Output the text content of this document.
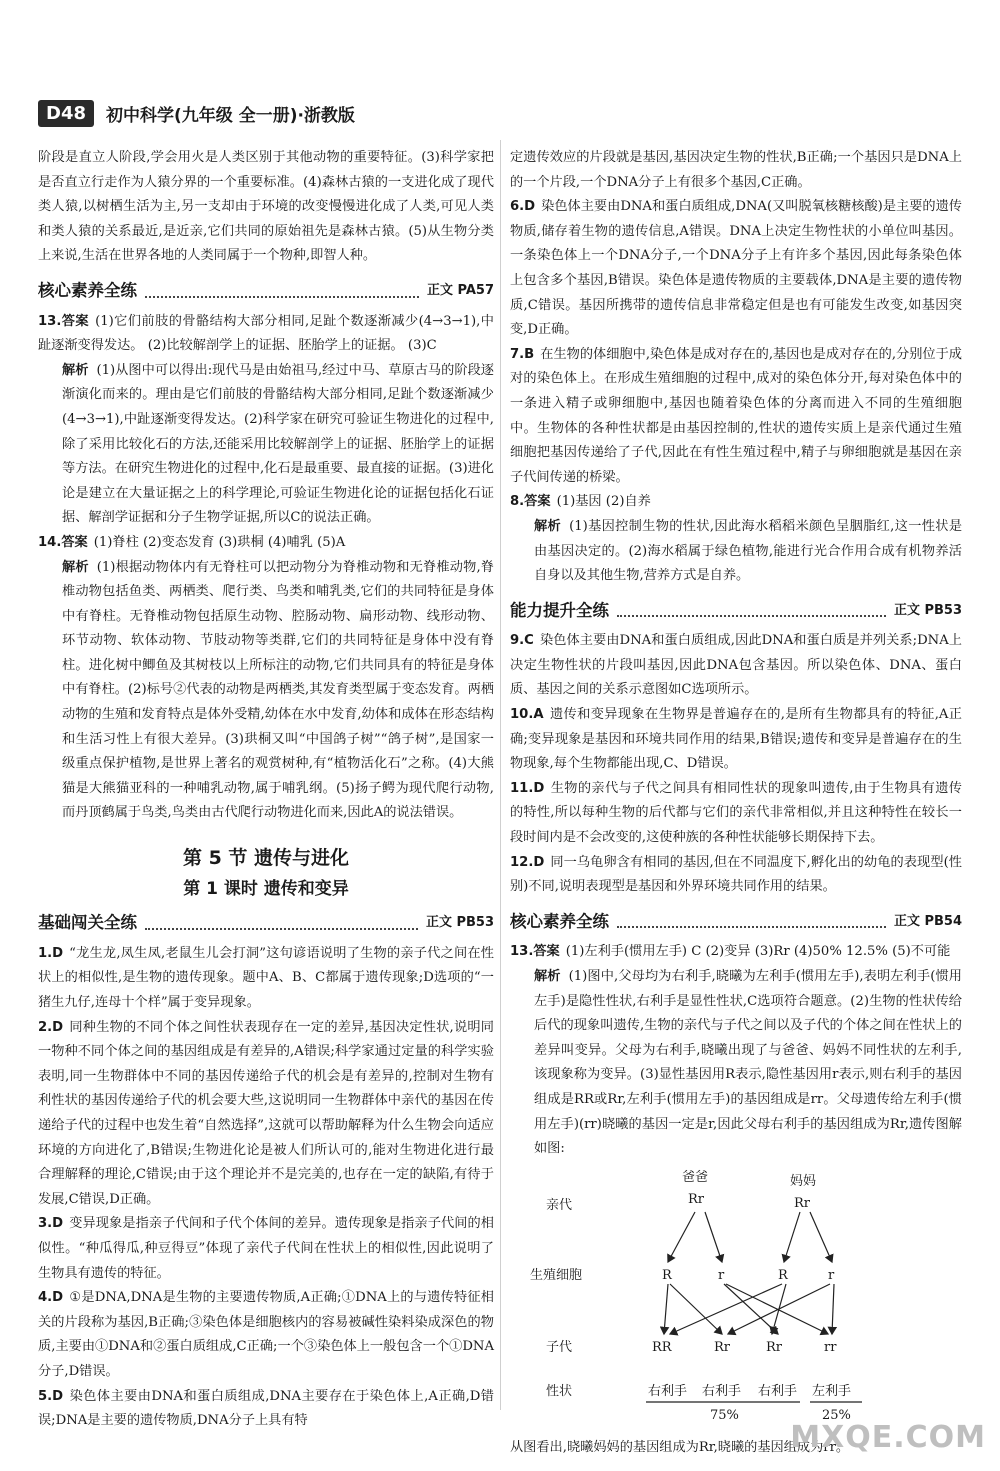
D48	初中科学(九年级 全一册)·浙教版

阶段是直立人阶段,学会用火是人类区别于其他动物的重要特征。(3)科学家把是否直立行走作为人猿分界的一个重要标准。(4)森林古猿的一支进化成了现代类人猿,以树栖生活为主,另一支却由于环境的改变慢慢进化成了人类,可见人类和类人猿的关系最近,是近亲,它们共同的原始祖先是森林古猿。(5)从生物分类上来说,生活在世界各地的人类同属于一个物种,即智人种。

核心素养全练	正文 PA57
13.答案 (1)它们前肢的骨骼结构大部分相同,足趾个数逐渐减少(4→3→1),中趾逐渐变得发达。 (2)比较解剖学上的证据、胚胎学上的证据。 (3)C
解析 (1)从图中可以得出:现代马是由始祖马,经过中马、草原古马的阶段逐渐演化而来的。理由是它们前肢的骨骼结构大部分相同,足趾个数逐渐减少(4→3→1),中趾逐渐变得发达。(2)科学家在研究可验证生物进化的过程中,除了采用比较化石的方法,还能采用比较解剖学上的证据、胚胎学上的证据等方法。在研究生物进化的过程中,化石是最重要、最直接的证据。(3)进化论是建立在大量证据之上的科学理论,可验证生物进化论的证据包括化石证据、解剖学证据和分子生物学证据,所以C的说法正确。
14.答案 (1)脊柱 (2)变态发育 (3)珙桐 (4)哺乳 (5)A
解析 (1)根据动物体内有无脊柱可以把动物分为脊椎动物和无脊椎动物,脊椎动物包括鱼类、两栖类、爬行类、鸟类和哺乳类,它们的共同特征是身体中有脊柱。无脊椎动物包括原生动物、腔肠动物、扁形动物、线形动物、环节动物、软体动物、节肢动物等类群,它们的共同特征是身体中没有脊柱。进化树中鲫鱼及其树枝以上所标注的动物,它们共同具有的特征是身体中有脊柱。(2)标号②代表的动物是两栖类,其发育类型属于变态发育。两栖动物的生殖和发育特点是体外受精,幼体在水中发育,幼体和成体在形态结构和生活习性上有很大差异。(3)珙桐又叫“中国鸽子树”“鸽子树”,是国家一级重点保护植物,是世界上著名的观赏树种,有“植物活化石”之称。(4)大熊猫是大熊猫亚科的一种哺乳动物,属于哺乳纲。(5)扬子鳄为现代爬行动物,而丹顶鹤属于鸟类,鸟类由古代爬行动物进化而来,因此A的说法错误。
第 5 节 遗传与进化
第 1 课时 遗传和变异
基础闯关全练	正文 PB53
1.D “龙生龙,凤生凤,老鼠生儿会打洞”这句谚语说明了生物的亲子代之间在性状上的相似性,是生物的遗传现象。题中A、B、C都属于遗传现象;D选项的“一猪生九仔,连母十个样”属于变异现象。
2.D 同种生物的不同个体之间性状表现存在一定的差异,基因决定性状,说明同一物种不同个体之间的基因组成是有差异的,A错误;科学家通过定量的科学实验表明,同一生物群体中不同的基因传递给子代的机会是有差异的,控制对生物有利性状的基因传递给子代的机会要大些,这说明同一生物群体中亲代的基因在传递给子代的过程中也发生着“自然选择”,这就可以帮助解释为什么生物会向适应环境的方向进化了,B错误;生物进化论是被人们所认可的,能对生物进化进行最合理解释的理论,C错误;由于这个理论并不是完美的,也存在一定的缺陷,有待于发展,C错误,D正确。
3.D 变异现象是指亲子代间和子代个体间的差异。遗传现象是指亲子代间的相似性。“种瓜得瓜,种豆得豆”体现了亲代子代间在性状上的相似性,因此说明了生物具有遗传的特征。
4.D ①是DNA,DNA是生物的主要遗传物质,A正确;①DNA上的与遗传特征相关的片段称为基因,B正确;③染色体是细胞核内的容易被碱性染料染成深色的物质,主要由①DNA和②蛋白质组成,C正确;一个③染色体上一般包含一个①DNA分子,D错误。
5.D 染色体主要由DNA和蛋白质组成,DNA主要存在于染色体上,A正确,D错误;DNA是主要的遗传物质,DNA分子上具有特

定遗传效应的片段就是基因,基因决定生物的性状,B正确;一个基因只是DNA上的一个片段,一个DNA分子上有很多个基因,C正确。

6.D 染色体主要由DNA和蛋白质组成,DNA(又叫脱氧核糖核酸)是主要的遗传物质,储存着生物的遗传信息,A错误。DNA上决定生物性状的小单位叫基因。一条染色体上一个DNA分子,一个DNA分子上有许多个基因,因此每条染色体上包含多个基因,B错误。染色体是遗传物质的主要载体,DNA是主要的遗传物质,C错误。基因所携带的遗传信息非常稳定但是也有可能发生改变,如基因突变,D正确。
7.B 在生物的体细胞中,染色体是成对存在的,基因也是成对存在的,分别位于成对的染色体上。在形成生殖细胞的过程中,成对的染色体分开,每对染色体中的一条进入精子或卵细胞中,基因也随着染色体的分离而进入不同的生殖细胞中。生物体的各种性状都是由基因控制的,性状的遗传实质上是亲代通过生殖细胞把基因传递给了子代,因此在有性生殖过程中,精子与卵细胞就是基因在亲子代间传递的桥梁。
8.答案 (1)基因 (2)自养
解析 (1)基因控制生物的性状,因此海水稻稻米颜色呈胭脂红,这一性状是由基因决定的。(2)海水稻属于绿色植物,能进行光合作用合成有机物养活自身以及其他生物,营养方式是自养。
能力提升全练	正文 PB53
9.C 染色体主要由DNA和蛋白质组成,因此DNA和蛋白质是并列关系;DNA上决定生物性状的片段叫基因,因此DNA包含基因。所以染色体、DNA、蛋白质、基因之间的关系示意图如C选项所示。
10.A 遗传和变异现象在生物界是普遍存在的,是所有生物都具有的特征,A正确;变异现象是基因和环境共同作用的结果,B错误;遗传和变异是普遍存在的生物现象,每个生物都能出现,C、D错误。
11.D 生物的亲代与子代之间具有相同性状的现象叫遗传,由于生物具有遗传的特性,所以每种生物的后代都与它们的亲代非常相似,并且这种特性在较长一段时间内是不会改变的,这使种族的各种性状能够长期保持下去。
12.D 同一乌龟卵含有相同的基因,但在不同温度下,孵化出的幼龟的表现型(性别)不同,说明表现型是基因和外界环境共同作用的结果。
核心素养全练	正文 PB54
13.答案 (1)左利手(惯用左手) C (2)变异 (3)Rr (4)50% 12.5% (5)不可能
解析 (1)图中,父母均为右利手,晓曦为左利手(惯用左手),表明左利手(惯用左手)是隐性性状,右利手是显性性状,C选项符合题意。(2)生物的性状传给后代的现象叫遗传,生物的亲代与子代之间以及子代的个体之间在性状上的差异叫变异。父母为右利手,晓曦出现了与爸爸、妈妈不同性状的左利手,该现象称为变异。(3)显性基因用R表示,隐性基因用r表示,则右利手的基因组成是RR或Rr,左利手(惯用左手)的基因组成是rr。父母遗传给左利手(惯用左手)(rr)晓曦的基因一定是r,因此父母右利手的基因组成为Rr,遗传图解如图:
亲代
生殖细胞
子代
性状
爸爸
Rr
妈妈
Rr
R	r	R	r
RR	Rr	Rr	rr
右利手 右利手 右利手 左利手
75%	25%

从图看出,晓曦妈妈的基因组成为Rr,晓曦的基因组成为rr。

MXQE.COM
